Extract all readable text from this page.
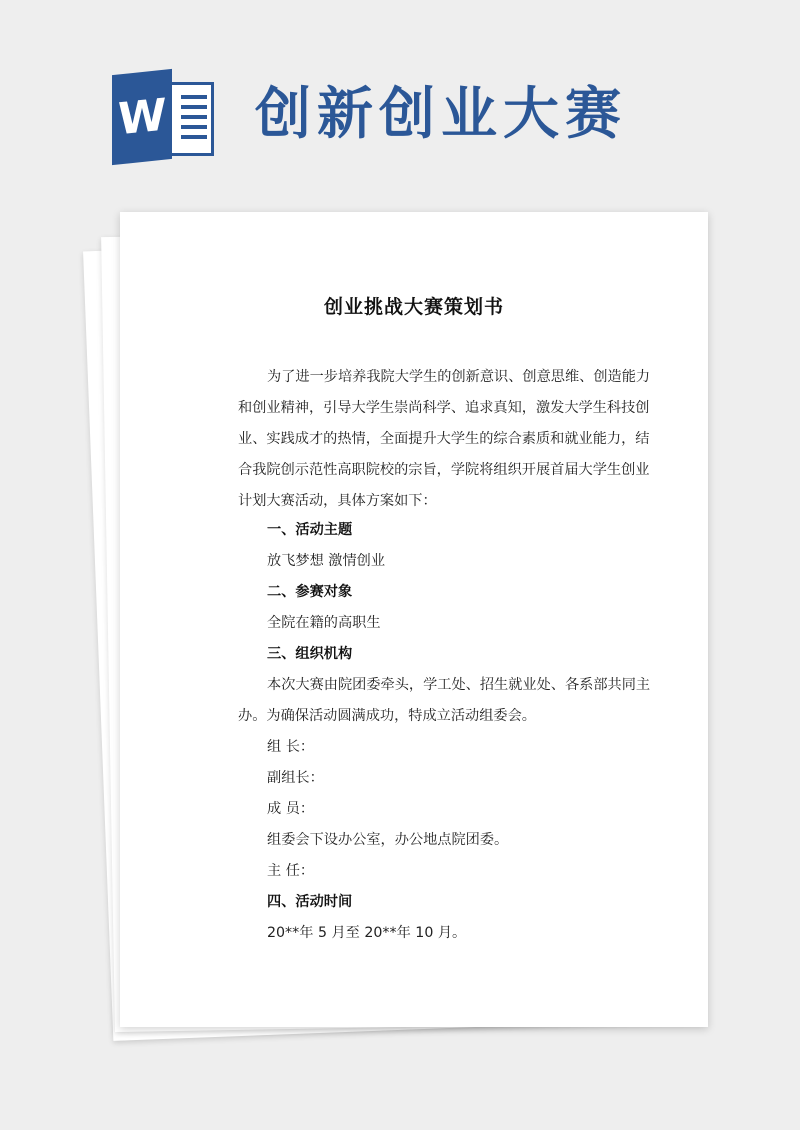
W 创新创业大赛
创业挑战大赛策划书
为了进一步培养我院大学生的创新意识、创意思维、创造能力
和创业精神，引导大学生崇尚科学、追求真知，激发大学生科技创
业、实践成才的热情，全面提升大学生的综合素质和就业能力，结
合我院创示范性高职院校的宗旨，学院将组织开展首届大学生创业
计划大赛活动，具体方案如下：
一、活动主题
放飞梦想 激情创业
二、参赛对象
全院在籍的高职生
三、组织机构
本次大赛由院团委牵头，学工处、招生就业处、各系部共同主
办。为确保活动圆满成功，特成立活动组委会。
组 长：
副组长：
成 员：
组委会下设办公室，办公地点院团委。
主 任：
四、活动时间
20**年 5 月至 20**年 10 月。
